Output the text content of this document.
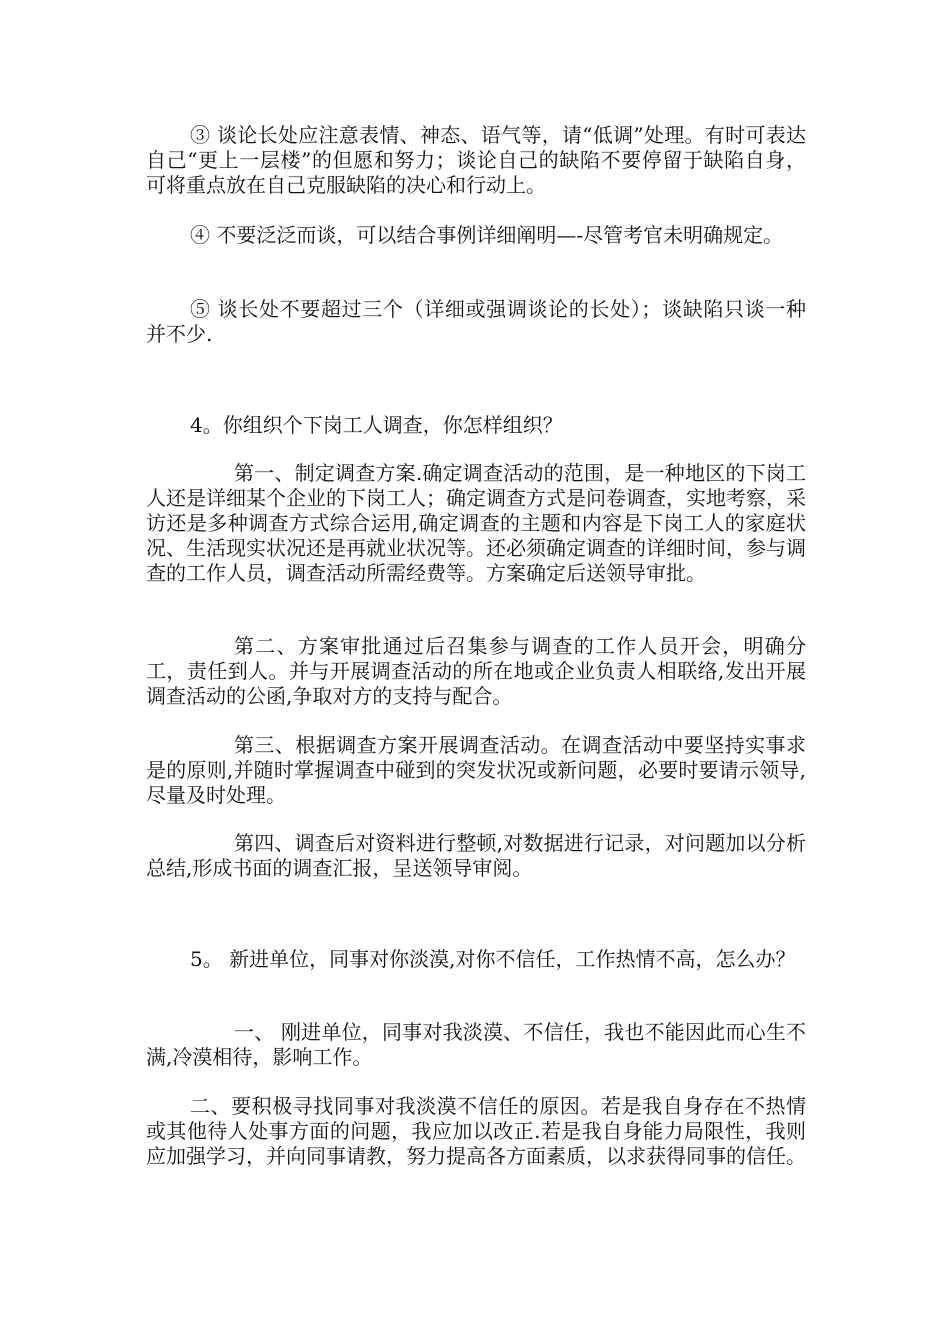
③ 谈论长处应注意表情、神态、语气等，请“低调”处理。有时可表达自己“更上一层楼”的但愿和努力；谈论自己的缺陷不要停留于缺陷自身，可将重点放在自己克服缺陷的决心和行动上。

④ 不要泛泛而谈，可以结合事例详细阐明—-尽管考官未明确规定。

⑤ 谈长处不要超过三个（详细或强调谈论的长处）；谈缺陷只谈一种并不少.

4。你组织个下岗工人调查，你怎样组织？

第一、制定调查方案.确定调查活动的范围，是一种地区的下岗工人还是详细某个企业的下岗工人；确定调查方式是问卷调查，实地考察，采访还是多种调查方式综合运用,确定调查的主题和内容是下岗工人的家庭状况、生活现实状况还是再就业状况等。还必须确定调查的详细时间，参与调查的工作人员，调查活动所需经费等。方案确定后送领导审批。

第二、方案审批通过后召集参与调查的工作人员开会，明确分工，责任到人。并与开展调查活动的所在地或企业负责人相联络,发出开展调查活动的公函,争取对方的支持与配合。

第三、根据调查方案开展调查活动。在调查活动中要坚持实事求是的原则,并随时掌握调查中碰到的突发状况或新问题，必要时要请示领导,尽量及时处理。

第四、调查后对资料进行整顿,对数据进行记录，对问题加以分析总结,形成书面的调查汇报，呈送领导审阅。

5。 新进单位，同事对你淡漠,对你不信任，工作热情不高，怎么办？

一、 刚进单位，同事对我淡漠、不信任，我也不能因此而心生不满,冷漠相待，影响工作。

二、要积极寻找同事对我淡漠不信任的原因。若是我自身存在不热情或其他待人处事方面的问题，我应加以改正.若是我自身能力局限性，我则应加强学习，并向同事请教，努力提高各方面素质，以求获得同事的信任。
